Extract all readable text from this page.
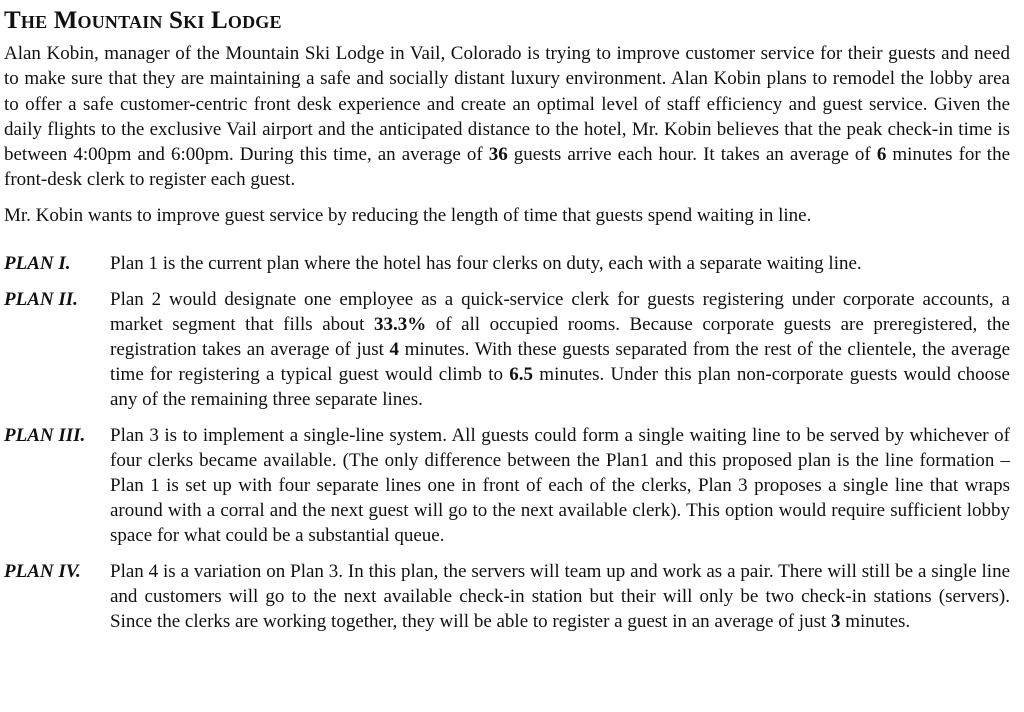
The Mountain Ski Lodge

Alan Kobin, manager of the Mountain Ski Lodge in Vail, Colorado is trying to improve customer service for their guests and need to make sure that they are maintaining a safe and socially distant luxury environment. Alan Kobin plans to remodel the lobby area to offer a safe customer-centric front desk experience and create an optimal level of staff efficiency and guest service. Given the daily flights to the exclusive Vail airport and the anticipated distance to the hotel, Mr. Kobin believes that the peak check-in time is between 4:00pm and 6:00pm. During this time, an average of 36 guests arrive each hour. It takes an average of 6 minutes for the front-desk clerk to register each guest.

Mr. Kobin wants to improve guest service by reducing the length of time that guests spend waiting in line.

PLAN I.	Plan 1 is the current plan where the hotel has four clerks on duty, each with a separate waiting line.
PLAN II.	Plan 2 would designate one employee as a quick-service clerk for guests registering under corporate accounts, a market segment that fills about 33.3% of all occupied rooms. Because corporate guests are preregistered, the registration takes an average of just 4 minutes. With these guests separated from the rest of the clientele, the average time for registering a typical guest would climb to 6.5 minutes. Under this plan non-corporate guests would choose any of the remaining three separate lines.
PLAN III.	Plan 3 is to implement a single-line system. All guests could form a single waiting line to be served by whichever of four clerks became available. (The only difference between the Plan1 and this proposed plan is the line formation – Plan 1 is set up with four separate lines one in front of each of the clerks, Plan 3 proposes a single line that wraps around with a corral and the next guest will go to the next available clerk). This option would require sufficient lobby space for what could be a substantial queue.
PLAN IV.	Plan 4 is a variation on Plan 3. In this plan, the servers will team up and work as a pair. There will still be a single line and customers will go to the next available check-in station but their will only be two check-in stations (servers). Since the clerks are working together, they will be able to register a guest in an average of just 3 minutes.
